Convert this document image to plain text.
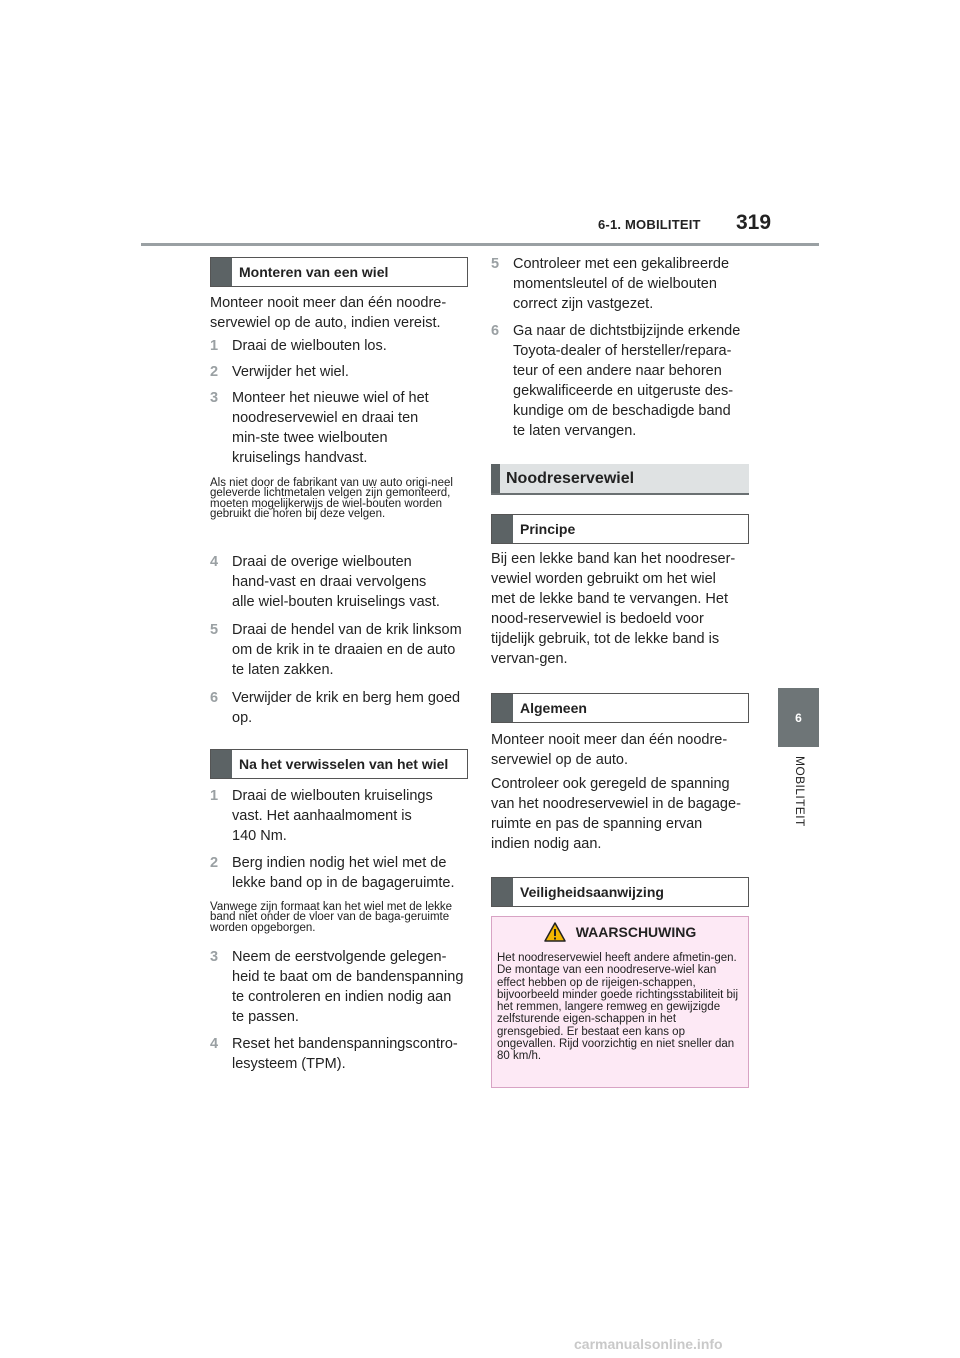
6-1. MOBILITEIT 319
6
MOBILITEIT
Monteren van een wiel
Monteer nooit meer dan één noodre-servewiel op de auto, indien vereist.
1 Draai de wielbouten los.
2 Verwijder het wiel.
3 Monteer het nieuwe wiel of het noodreservewiel en draai ten min-ste twee wielbouten kruiselings handvast.
Als niet door de fabrikant van uw auto origi-neel geleverde lichtmetalen velgen zijn gemonteerd, moeten mogelijkerwijs de wiel-bouten worden gebruikt die horen bij deze velgen.
4 Draai de overige wielbouten hand-vast en draai vervolgens alle wiel-bouten kruiselings vast.
5 Draai de hendel van de krik linksom om de krik in te draaien en de auto te laten zakken.
6 Verwijder de krik en berg hem goed op.
Na het verwisselen van het wiel
1 Draai de wielbouten kruiselings vast. Het aanhaalmoment is 140 Nm.
2 Berg indien nodig het wiel met de lekke band op in de bagageruimte.
Vanwege zijn formaat kan het wiel met de lekke band niet onder de vloer van de baga-geruimte worden opgeborgen.
3 Neem de eerstvolgende gelegen-heid te baat om de bandenspanning te controleren en indien nodig aan te passen.
4 Reset het bandenspanningscontro-lesysteem (TPM).
5 Controleer met een gekalibreerde momentsleutel of de wielbouten correct zijn vastgezet.
6 Ga naar de dichtstbijzijnde erkende Toyota-dealer of hersteller/repara-teur of een andere naar behoren gekwalificeerde en uitgeruste des-kundige om de beschadigde band te laten vervangen.
Noodreservewiel
Principe
Bij een lekke band kan het noodreser-vewiel worden gebruikt om het wiel met de lekke band te vervangen. Het nood-reservewiel is bedoeld voor tijdelijk gebruik, tot de lekke band is vervan-gen.
Algemeen
Monteer nooit meer dan één noodre-servewiel op de auto.
Controleer ook geregeld de spanning van het noodreservewiel in de bagage-ruimte en pas de spanning ervan indien nodig aan.
Veiligheidsaanwijzing
WAARSCHUWING
Het noodreservewiel heeft andere afmetin-gen. De montage van een noodreserve-wiel kan effect hebben op de rijeigen-schappen, bijvoorbeeld minder goede richtingsstabiliteit bij het remmen, langere remweg en gewijzigde zelfsturende eigen-schappen in het grensgebied. Er bestaat een kans op ongevallen. Rijd voorzichtig en niet sneller dan 80 km/h.
carmanualsonline.info
